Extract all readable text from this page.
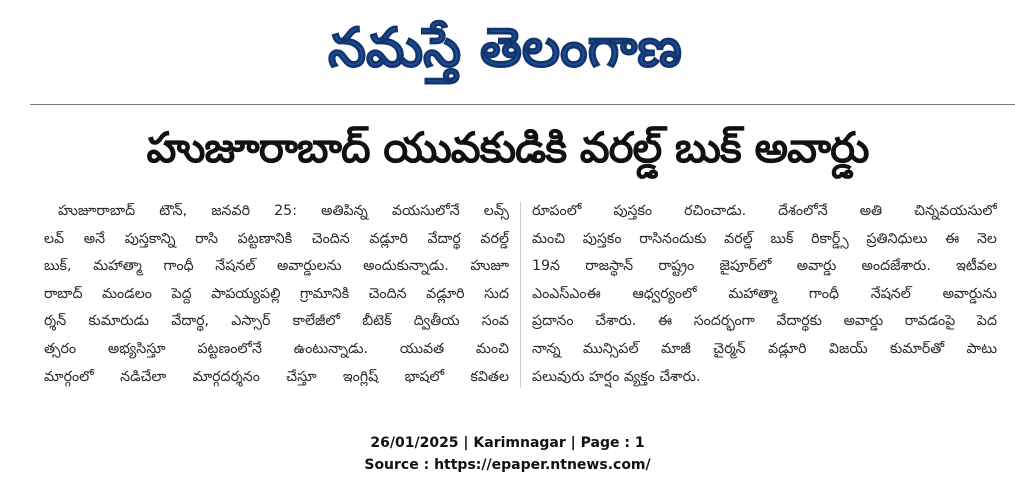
నమస్తే తెలంగాణ
హుజూరాబాద్ యువకుడికి వరల్డ్ బుక్ అవార్డు
హుజూరాబాద్ టౌన్, జనవరి 25: అతిపిన్న వయసులోనే లవ్స్
లవ్ అనే పుస్తకాన్ని రాసి పట్టణానికి చెందిన వడ్లూరి వేదార్థ వరల్డ్
బుక్, మహాత్మా గాంధీ నేషనల్ అవార్డులను అందుకున్నాడు. హుజూ
రాబాద్ మండలం పెద్ద పాపయ్యపల్లి గ్రామానికి చెందిన వడ్లూరి సుద
ర్శన్ కుమారుడు వేదార్థ, ఎస్సార్ కాలేజీలో బీటెక్ ద్వితీయ సంవ
త్సరం అభ్యసిస్తూ పట్టణంలోనే ఉంటున్నాడు. యువత మంచి
మార్గంలో నడిచేలా మార్గదర్శనం చేస్తూ ఇంగ్లిష్ భాషలో కవితల
రూపంలో పుస్తకం రచించాడు. దేశంలోనే అతి చిన్నవయసులో
మంచి పుస్తకం రాసినందుకు వరల్డ్ బుక్ రికార్డ్స్ ప్రతినిధులు ఈ నెల
19న రాజస్థాన్ రాష్ట్రం జైపూర్‌లో అవార్డు అందజేశారు. ఇటీవల
ఎంఎస్ఎంఈ ఆధ్వర్యంలో మహాత్మా గాంధీ నేషనల్ అవార్డును
ప్రదానం చేశారు. ఈ సందర్భంగా వేదార్థకు అవార్డు రావడంపై పెద
నాన్న మున్సిపల్ మాజీ చైర్మన్ వడ్లూరి విజయ్ కుమార్‌తో పాటు
పలువురు హర్షం వ్యక్తం చేశారు.
26/01/2025 | Karimnagar | Page : 1
Source : https://epaper.ntnews.com/
